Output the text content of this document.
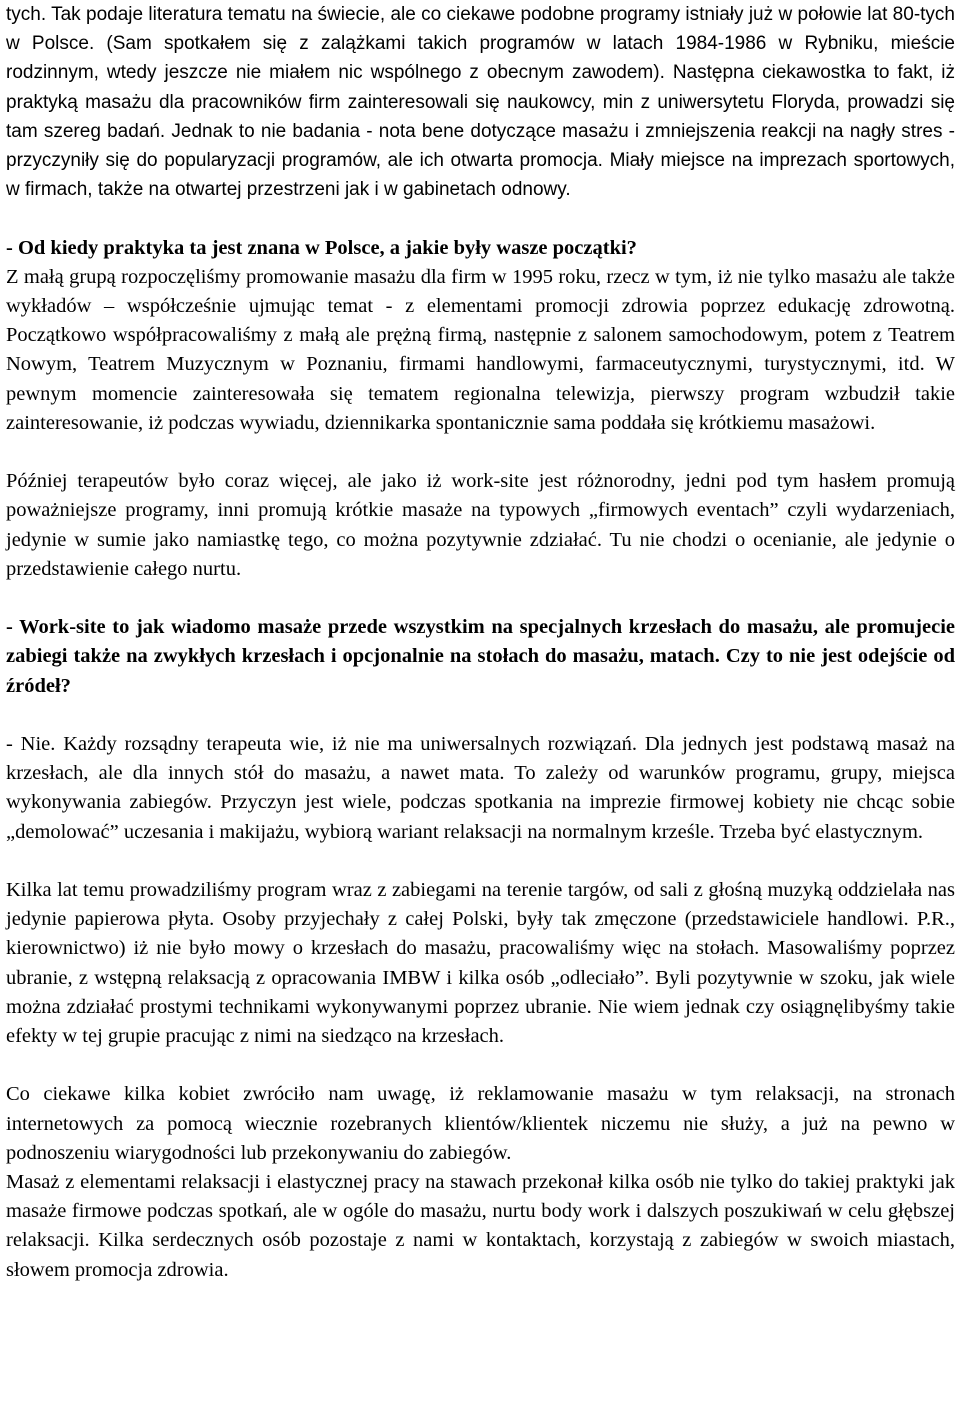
tych. Tak podaje literatura tematu na świecie, ale co ciekawe podobne programy istniały już w połowie lat 80-tych w Polsce. (Sam spotkałem się z zalążkami takich programów w latach 1984-1986 w Rybniku, mieście rodzinnym, wtedy jeszcze nie miałem nic wspólnego z obecnym zawodem). Następna ciekawostka to fakt, iż praktyką masażu dla pracowników firm zainteresowali się naukowcy, min z uniwersytetu Floryda, prowadzi się tam szereg badań. Jednak to nie badania - nota bene dotyczące masażu i zmniejszenia reakcji na nagły stres - przyczyniły się do popularyzacji programów, ale ich otwarta promocja. Miały miejsce na imprezach sportowych, w firmach, także na otwartej przestrzeni jak i w gabinetach odnowy.

- Od kiedy praktyka ta jest znana w Polsce, a jakie były wasze początki?

Z małą grupą rozpoczęliśmy promowanie masażu dla firm w 1995 roku, rzecz w tym, iż nie tylko masażu ale także wykładów – współcześnie ujmując temat - z elementami promocji zdrowia poprzez edukację zdrowotną. Początkowo współpracowaliśmy z małą ale prężną firmą, następnie z salonem samochodowym, potem z Teatrem Nowym, Teatrem Muzycznym w Poznaniu, firmami handlowymi, farmaceutycznymi, turystycznymi, itd. W pewnym momencie zainteresowała się tematem regionalna telewizja, pierwszy program wzbudził takie zainteresowanie, iż podczas wywiadu, dziennikarka spontanicznie sama poddała się krótkiemu masażowi.

Później terapeutów było coraz więcej, ale jako iż work-site jest różnorodny, jedni pod tym hasłem promują poważniejsze programy, inni promują krótkie masaże na typowych „firmowych eventach” czyli wydarzeniach, jedynie w sumie jako namiastkę tego, co można pozytywnie zdziałać. Tu nie chodzi o ocenianie, ale jedynie o przedstawienie całego nurtu.

- Work-site to jak wiadomo masaże przede wszystkim na specjalnych krzesłach do masażu, ale promujecie zabiegi także na zwykłych krzesłach i opcjonalnie na stołach do masażu, matach. Czy to nie jest odejście od źródeł?

- Nie. Każdy rozsądny terapeuta wie, iż nie ma uniwersalnych rozwiązań. Dla jednych jest podstawą masaż na krzesłach, ale dla innych stół do masażu, a nawet mata. To zależy od warunków programu, grupy, miejsca wykonywania zabiegów. Przyczyn jest wiele, podczas spotkania na imprezie firmowej kobiety nie chcąc sobie „demolować” uczesania i makijażu, wybiorą wariant relaksacji na normalnym krześle. Trzeba być elastycznym.

Kilka lat temu prowadziliśmy program wraz z zabiegami na terenie targów, od sali z głośną muzyką oddzielała nas jedynie papierowa płyta. Osoby przyjechały z całej Polski, były tak zmęczone (przedstawiciele handlowi. P.R., kierownictwo) iż nie było mowy o krzesłach do masażu, pracowaliśmy więc na stołach. Masowaliśmy poprzez ubranie, z wstępną relaksacją z opracowania IMBW i kilka osób „odleciało”. Byli pozytywnie w szoku, jak wiele można zdziałać prostymi technikami wykonywanymi poprzez ubranie. Nie wiem jednak czy osiągnęlibyśmy takie efekty w tej grupie pracując z nimi na siedząco na krzesłach.

Co ciekawe kilka kobiet zwróciło nam uwagę, iż reklamowanie masażu w tym relaksacji, na stronach internetowych za pomocą wiecznie rozebranych klientów/klientek niczemu nie służy, a już na pewno w podnoszeniu wiarygodności lub przekonywaniu do zabiegów.

Masaż z elementami relaksacji i elastycznej pracy na stawach przekonał kilka osób nie tylko do takiej praktyki jak masaże firmowe podczas spotkań, ale w ogóle do masażu, nurtu body work i dalszych poszukiwań w celu głębszej relaksacji. Kilka serdecznych osób pozostaje z nami w kontaktach, korzystają z zabiegów w swoich miastach, słowem promocja zdrowia.
